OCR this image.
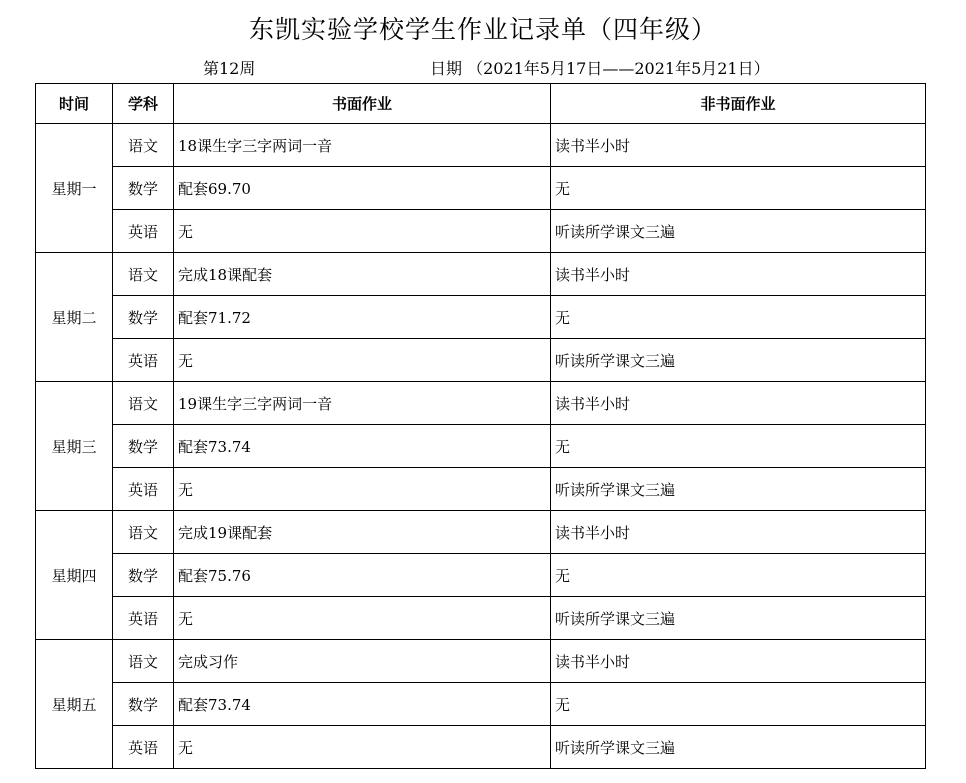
东凯实验学校学生作业记录单（四年级）
第12周	日期 （2021年5月17日——2021年5月21日）
时间	学科	书面作业	非书面作业
星期一	语文	18课生字三字两词一音	读书半小时
	数学	配套69.70	无
	英语	无	听读所学课文三遍
星期二	语文	完成18课配套	读书半小时
	数学	配套71.72	无
	英语	无	听读所学课文三遍
星期三	语文	19课生字三字两词一音	读书半小时
	数学	配套73.74	无
	英语	无	听读所学课文三遍
星期四	语文	完成19课配套	读书半小时
	数学	配套75.76	无
	英语	无	听读所学课文三遍
星期五	语文	完成习作	读书半小时
	数学	配套73.74	无
	英语	无	听读所学课文三遍
